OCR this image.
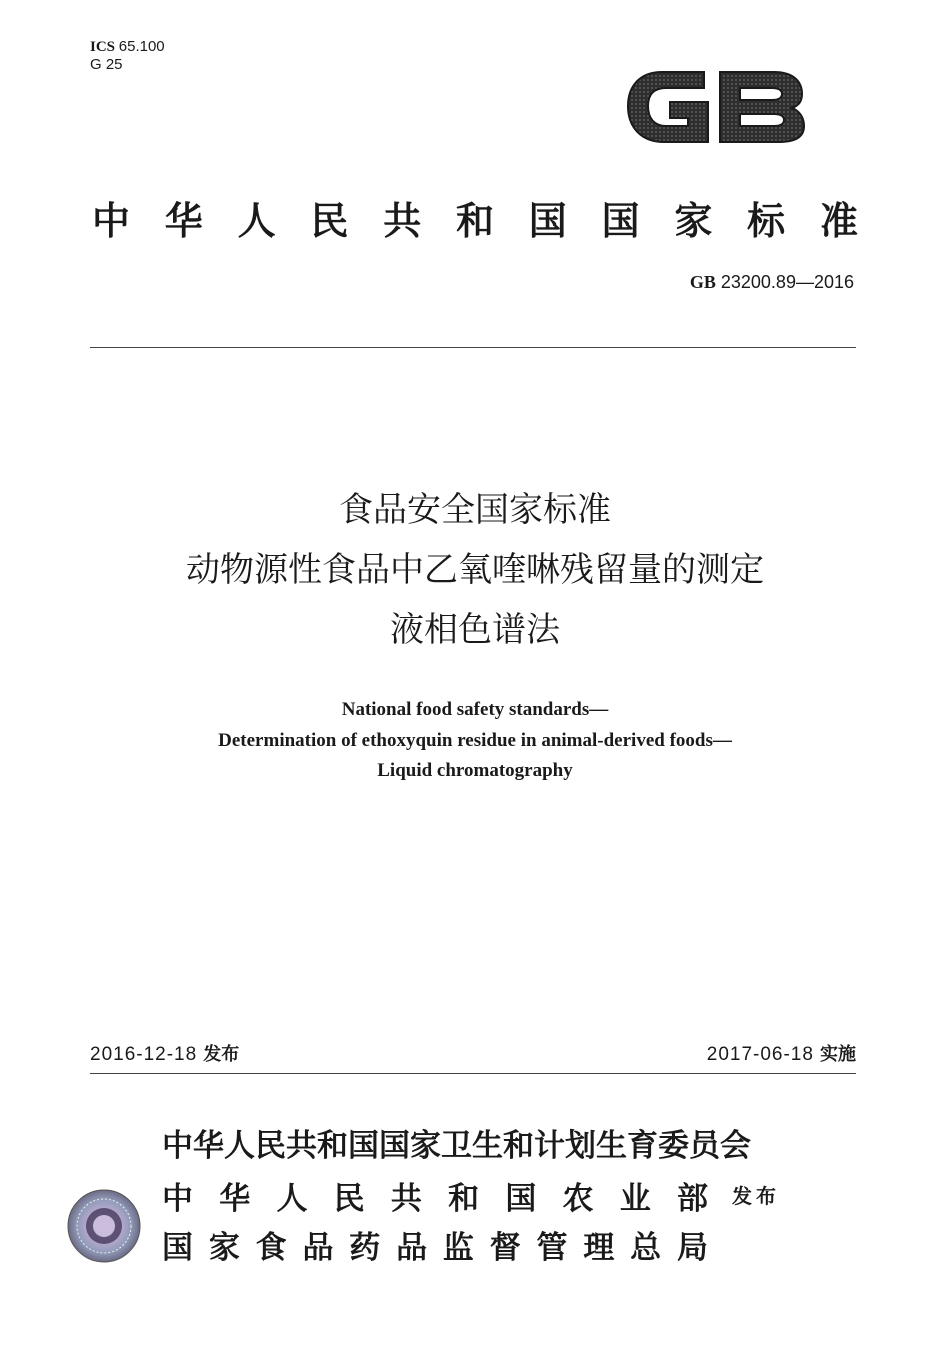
ICS 65.100
G 25
中 华 人 民 共 和 国 国 家 标 准
GB 23200.89—2016
食品安全国家标准
动物源性食品中乙氧喹啉残留量的测定
液相色谱法
National food safety standards—
Determination of ethoxyquin residue in animal-derived foods—
Liquid chromatography
2016-12-18 发布	2017-06-18 实施
中 华 人 民 共 和 国 国 家 卫 生 和 计 划 生 育 委 员 会
中 华 人 民 共 和 国 农 业 部
国 家 食 品 药 品 监 督 管 理 总 局
发布
